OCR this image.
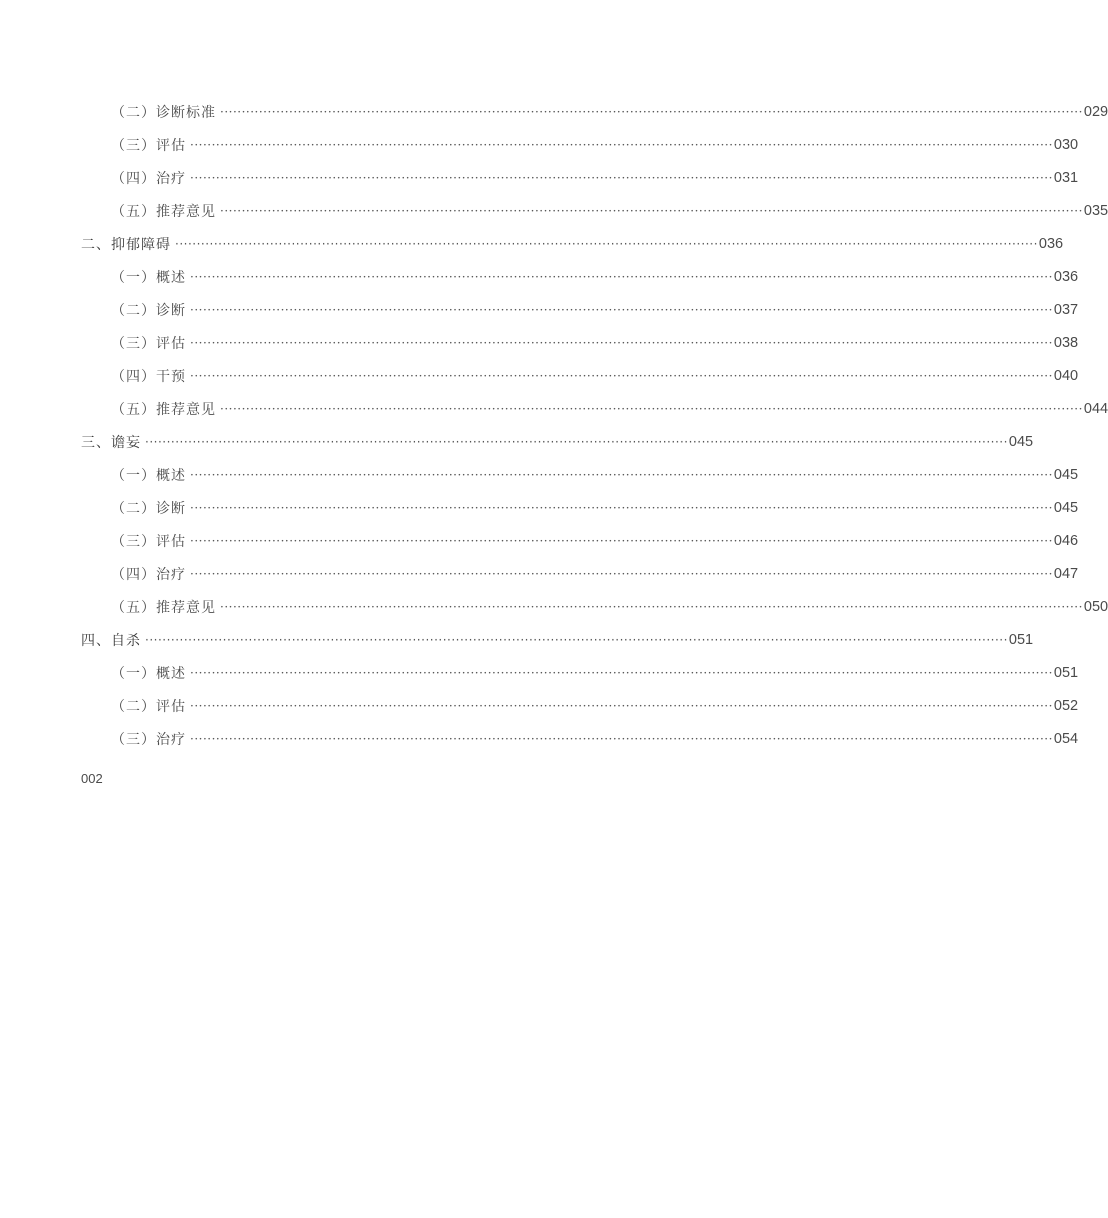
（二）诊断标准 ········································································································································································································ 029
（三）评估 ········································································································································································································ 030
（四）治疗 ········································································································································································································ 031
（五）推荐意见 ········································································································································································································ 035
二、抑郁障碍 ········································································································································································································ 036
（一）概述 ········································································································································································································ 036
（二）诊断 ········································································································································································································ 037
（三）评估 ········································································································································································································ 038
（四）干预 ········································································································································································································ 040
（五）推荐意见 ········································································································································································································ 044
三、谵妄 ········································································································································································································ 045
（一）概述 ········································································································································································································ 045
（二）诊断 ········································································································································································································ 045
（三）评估 ········································································································································································································ 046
（四）治疗 ········································································································································································································ 047
（五）推荐意见 ········································································································································································································ 050
四、自杀 ········································································································································································································ 051
（一）概述 ········································································································································································································ 051
（二）评估 ········································································································································································································ 052
（三）治疗 ········································································································································································································ 054
002
